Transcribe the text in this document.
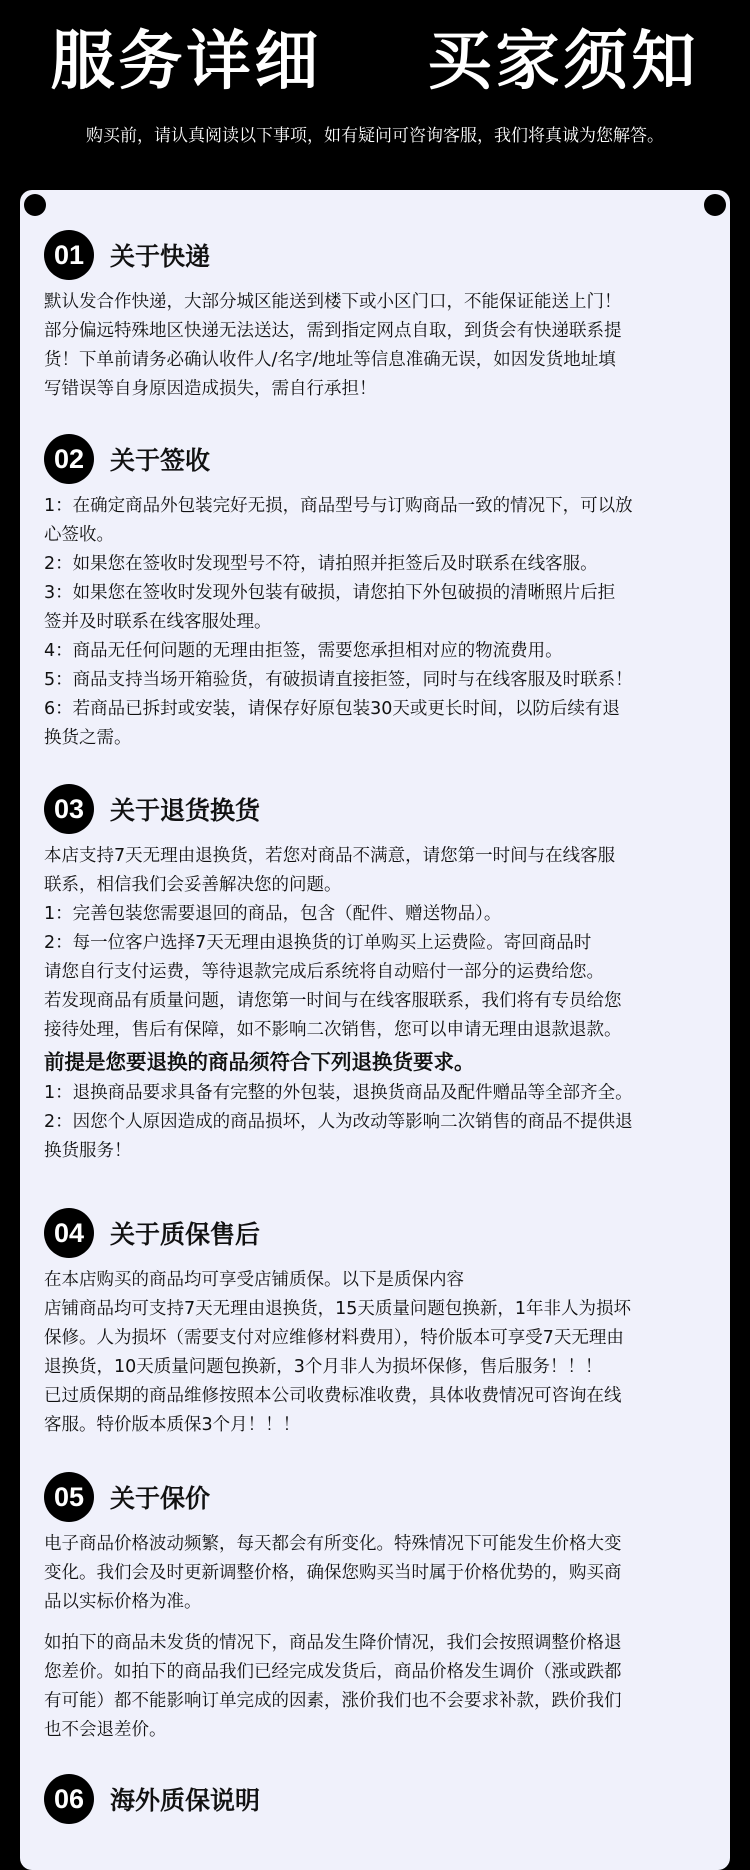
服务详细    买家须知
购买前，请认真阅读以下事项，如有疑问可咨询客服，我们将真诚为您解答。
01	关于快递

默认发合作快递，大部分城区能送到楼下或小区门口，不能保证能送上门！

部分偏远特殊地区快递无法送达，需到指定网点自取，到货会有快递联系提

货！下单前请务必确认收件人/名字/地址等信息准确无误，如因发货地址填

写错误等自身原因造成损失，需自行承担！

02	关于签收

1：在确定商品外包装完好无损，商品型号与订购商品一致的情况下，可以放

心签收。

2：如果您在签收时发现型号不符，请拍照并拒签后及时联系在线客服。

3：如果您在签收时发现外包装有破损，请您拍下外包破损的清晰照片后拒

签并及时联系在线客服处理。

4：商品无任何问题的无理由拒签，需要您承担相对应的物流费用。

5：商品支持当场开箱验货，有破损请直接拒签，同时与在线客服及时联系！

6：若商品已拆封或安装，请保存好原包装30天或更长时间，以防后续有退

换货之需。

03	关于退货换货

本店支持7天无理由退换货，若您对商品不满意，请您第一时间与在线客服

联系，相信我们会妥善解决您的问题。

1：完善包装您需要退回的商品，包含（配件、赠送物品）。

2：每一位客户选择7天无理由退换货的订单购买上运费险。寄回商品时

请您自行支付运费，等待退款完成后系统将自动赔付一部分的运费给您。

若发现商品有质量问题，请您第一时间与在线客服联系，我们将有专员给您

接待处理，售后有保障，如不影响二次销售，您可以申请无理由退款退款。

前提是您要退换的商品须符合下列退换货要求。

1：退换商品要求具备有完整的外包装，退换货商品及配件赠品等全部齐全。

2：因您个人原因造成的商品损坏，人为改动等影响二次销售的商品不提供退

换货服务！

04	关于质保售后

在本店购买的商品均可享受店铺质保。以下是质保内容

店铺商品均可支持7天无理由退换货，15天质量问题包换新，1年非人为损坏

保修。人为损坏（需要支付对应维修材料费用），特价版本可享受7天无理由

退换货，10天质量问题包换新，3个月非人为损坏保修，售后服务！！！

已过质保期的商品维修按照本公司收费标准收费，具体收费情况可咨询在线

客服。特价版本质保3个月！！！

05	关于保价

电子商品价格波动频繁，每天都会有所变化。特殊情况下可能发生价格大变

变化。我们会及时更新调整价格，确保您购买当时属于价格优势的，购买商

品以实标价格为准。

如拍下的商品未发货的情况下，商品发生降价情况，我们会按照调整价格退

您差价。如拍下的商品我们已经完成发货后，商品价格发生调价（涨或跌都

有可能）都不能影响订单完成的因素，涨价我们也不会要求补款，跌价我们

也不会退差价。

06	海外质保说明
